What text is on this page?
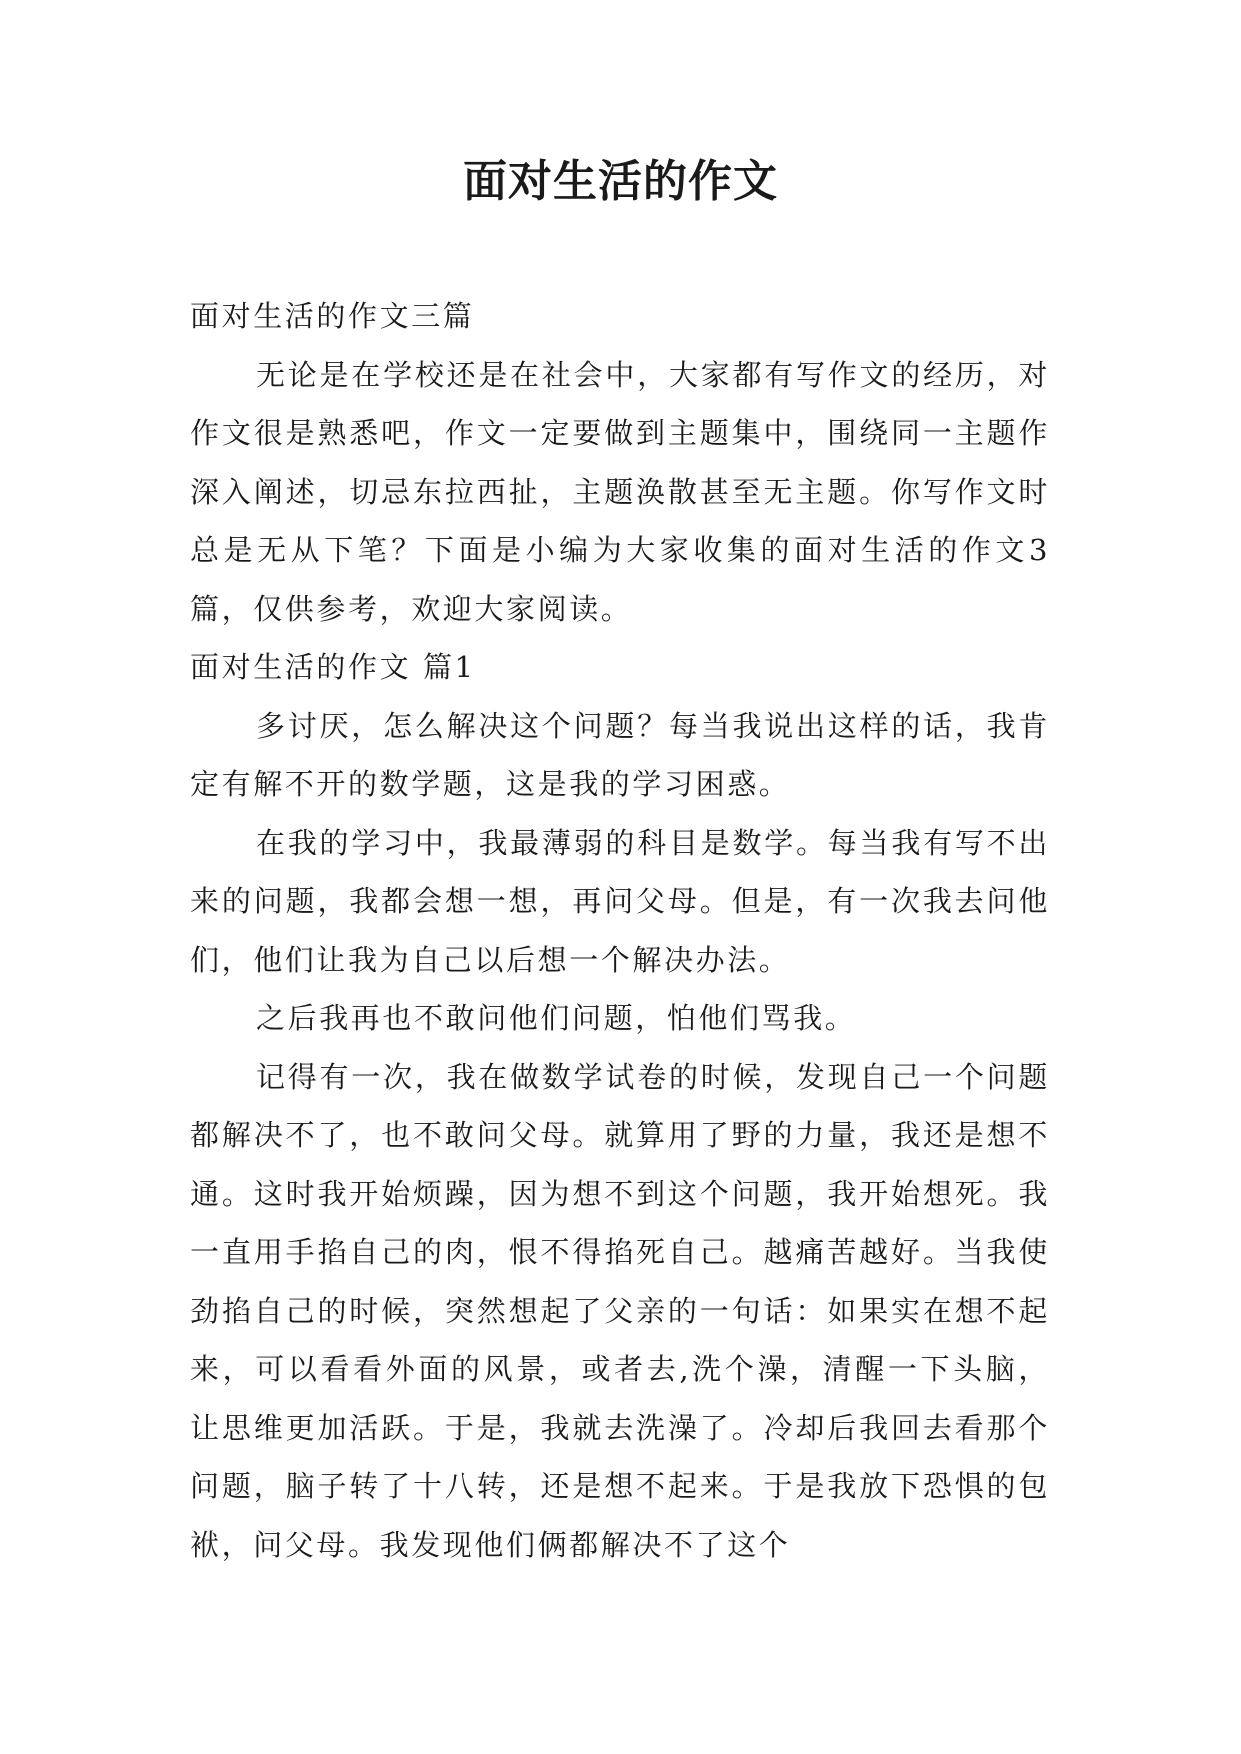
面对生活的作文

面对生活的作文三篇

无论是在学校还是在社会中，大家都有写作文的经历，对作文很是熟悉吧，作文一定要做到主题集中，围绕同一主题作深入阐述，切忌东拉西扯，主题涣散甚至无主题。你写作文时总是无从下笔？下面是小编为大家收集的面对生活的作文3篇，仅供参考，欢迎大家阅读。

面对生活的作文 篇1

多讨厌，怎么解决这个问题？每当我说出这样的话，我肯定有解不开的数学题，这是我的学习困惑。

在我的学习中，我最薄弱的科目是数学。每当我有写不出来的问题，我都会想一想，再问父母。但是，有一次我去问他们，他们让我为自己以后想一个解决办法。

之后我再也不敢问他们问题，怕他们骂我。

记得有一次，我在做数学试卷的时候，发现自己一个问题都解决不了，也不敢问父母。就算用了野的力量，我还是想不通。这时我开始烦躁，因为想不到这个问题，我开始想死。我一直用手掐自己的肉，恨不得掐死自己。越痛苦越好。当我使劲掐自己的时候，突然想起了父亲的一句话：如果实在想不起来，可以看看外面的风景，或者去,洗个澡，清醒一下头脑，让思维更加活跃。于是，我就去洗澡了。冷却后我回去看那个问题，脑子转了十八转，还是想不起来。于是我放下恐惧的包袱，问父母。我发现他们俩都解决不了这个
